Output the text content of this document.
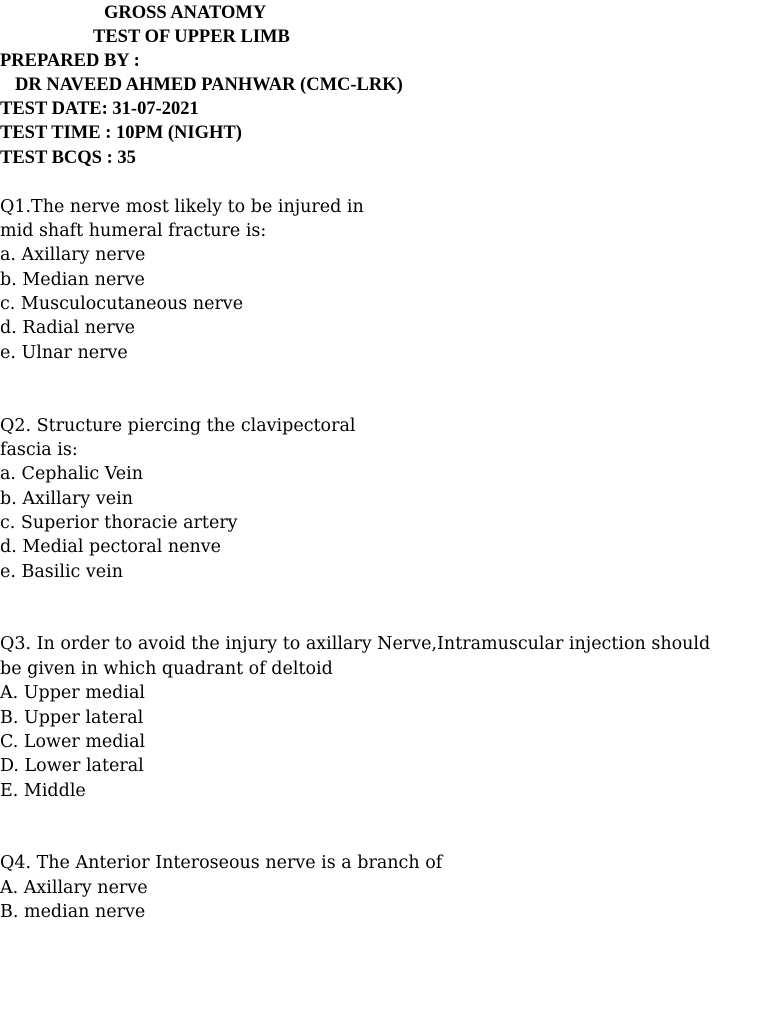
GROSS ANATOMY
TEST OF UPPER LIMB
PREPARED BY :
DR NAVEED AHMED PANHWAR (CMC-LRK)
TEST DATE: 31-07-2021
TEST TIME : 10PM (NIGHT)
TEST BCQS : 35
Q1.The nerve most likely to be injured in
mid shaft humeral fracture is:
a. Axillary nerve
b. Median nerve
c. Musculocutaneous nerve
d. Radial nerve
e. Ulnar nerve
Q2. Structure piercing the clavipectoral
fascia is:
a. Cephalic Vein
b. Axillary vein
c. Superior thoracie artery
d. Medial pectoral nenve
e. Basilic vein
Q3. In order to avoid the injury to axillary Nerve,Intramuscular injection should
be given in which quadrant of deltoid
A. Upper medial
B. Upper lateral
C. Lower medial
D. Lower lateral
E. Middle
Q4. The Anterior Interoseous nerve is a branch of
A. Axillary nerve
B. median nerve
